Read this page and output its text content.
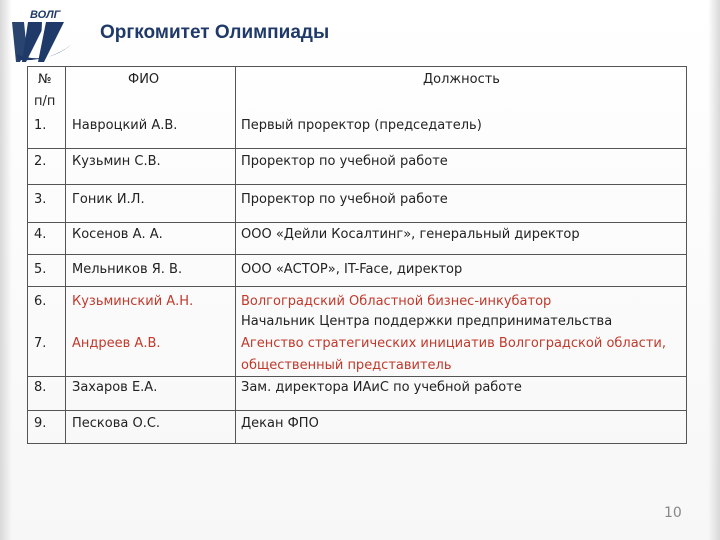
ВОЛГ
Оргкомитет Олимпиады
№
п/п
ФИО	Должность
1. Навроцкий А.В.	Первый проректор (председатель)
2. Кузьмин С.В.	Проректор по учебной работе
3. Гоник И.Л.	Проректор по учебной работе
4. Косенов А. А.	ООО «Дейли Косалтинг», генеральный директор
5. Мельников Я. В.	ООО «АСТОР», IT-Face, директор
6. Кузьминский А.Н.	Волгоградский Областной бизнес-инкубатор
Начальник Центра поддержки предпринимательства
7. Андреев А.В.	Агенство стратегических инициатив Волгоградской области,
общественный представитель
8. Захаров Е.А.	Зам. директора ИАиС по учебной работе
9. Пескова О.С.	Декан ФПО
10
